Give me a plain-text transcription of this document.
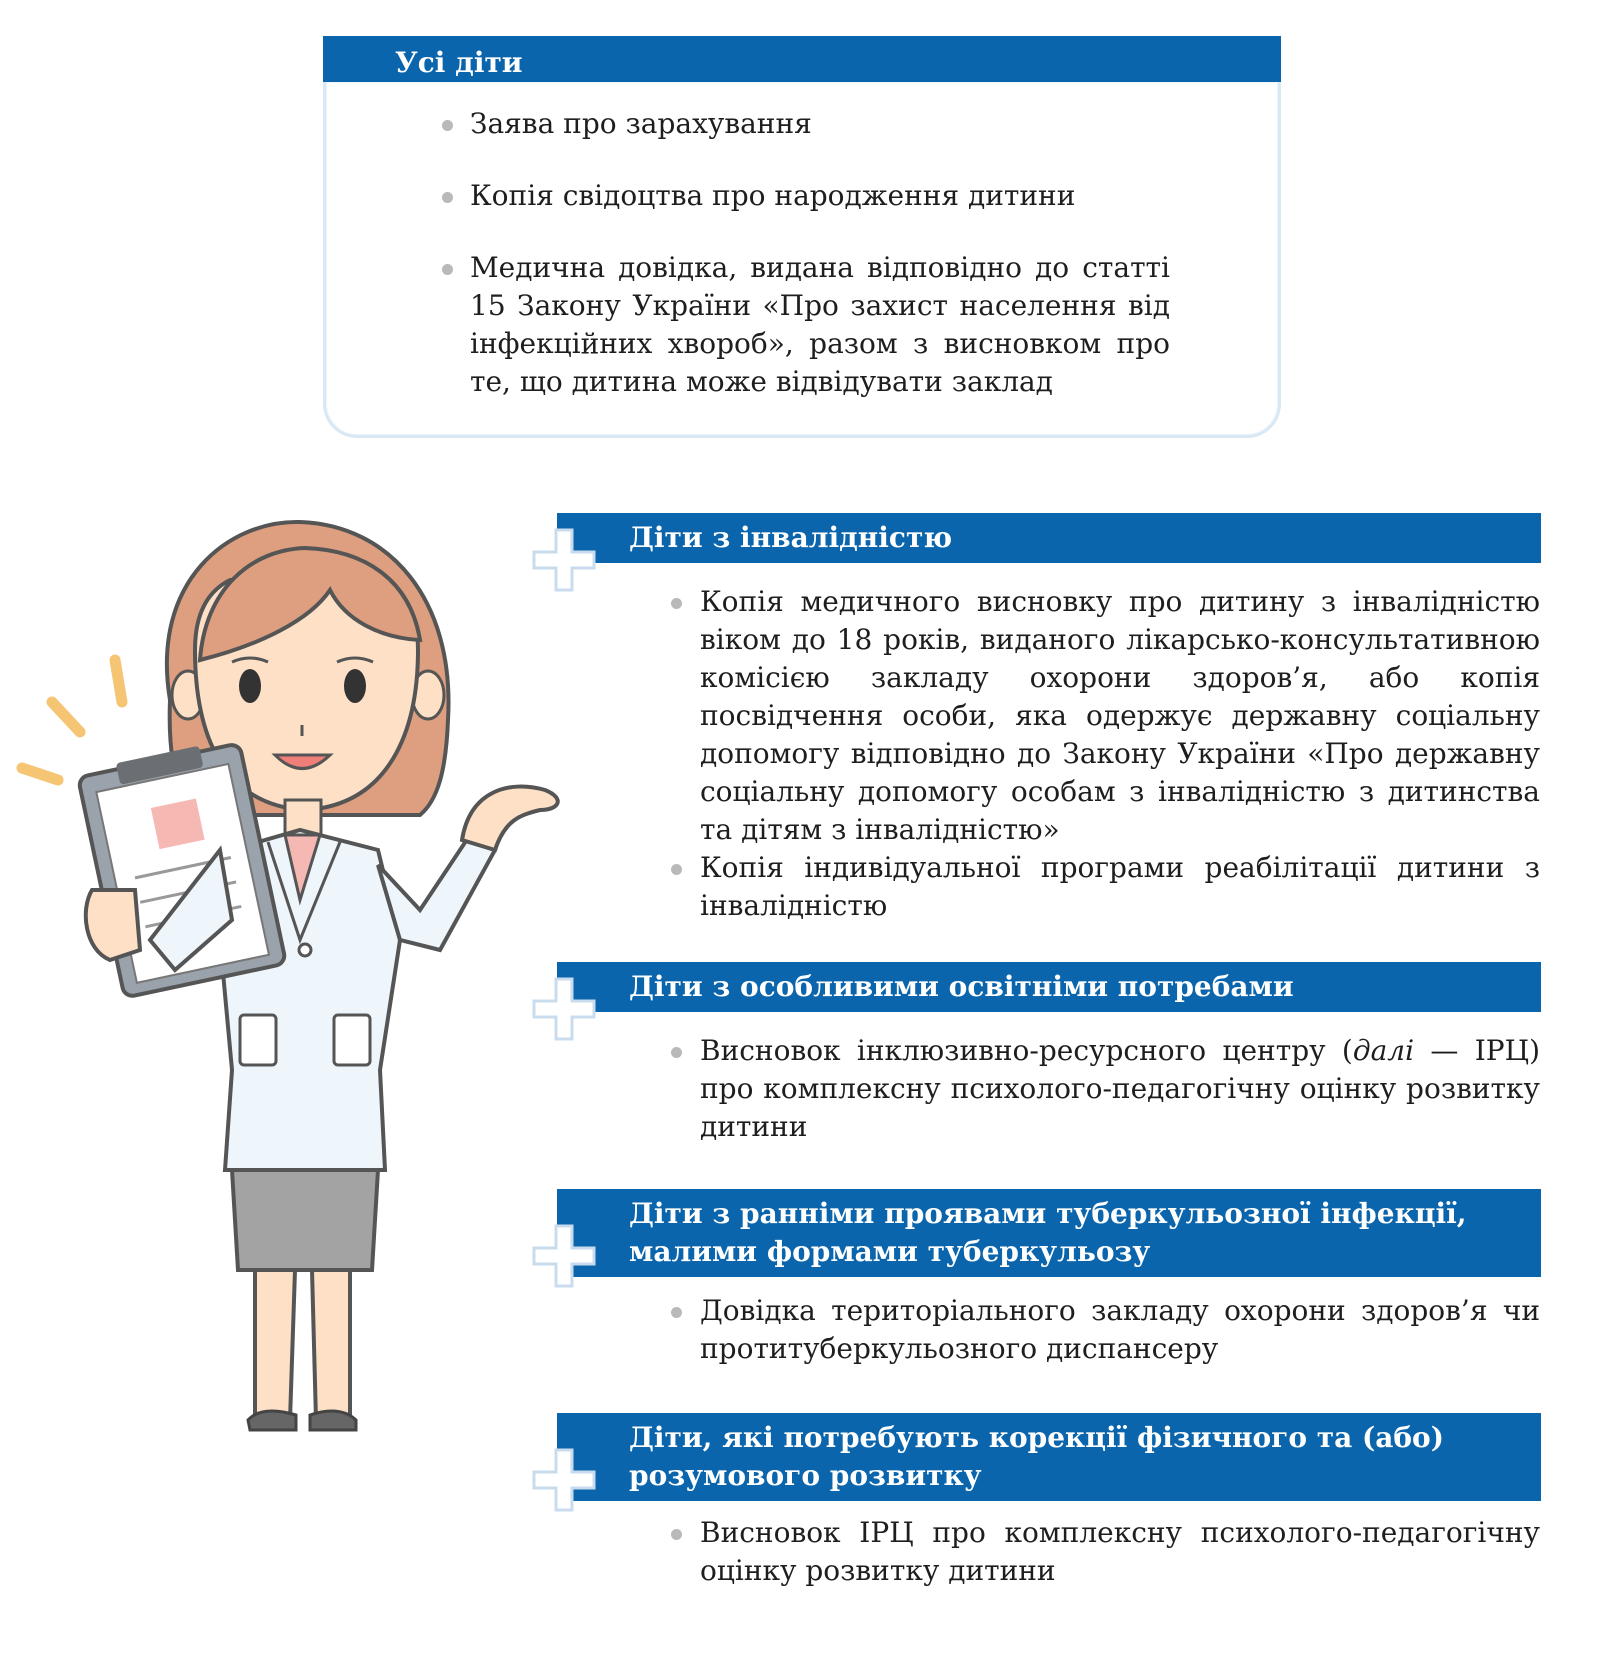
Усі діти
Заява про зарахування
Копія свідоцтва про народження дитини
Медична довідка, видана відповідно до статті 15 Закону України «Про захист населення від інфекційних хвороб», разом з висновком про те, що дитина може відвідувати заклад
Діти з інвалідністю
Копія медичного висновку про дитину з інвалідністю віком до 18 років, виданого лікарсько-консультативною комісією закладу охорони здоров’я, або копія посвідчення особи, яка одержує державну соціальну допомогу відповідно до Закону України «Про державну соціальну допомогу особам з інвалідністю з дитинства та дітям з інвалідністю»
Копія індивідуальної програми реабілітації дитини з інвалідністю
Діти з особливими освітніми потребами
Висновок інклюзивно-ресурсного центру (далі — ІРЦ) про комплексну психолого-педагогічну оцінку розвитку дитини
Діти з ранніми проявами туберкульозної інфекції, малими формами туберкульозу
Довідка територіального закладу охорони здоров’я чи протитуберкульозного диспансеру
Діти, які потребують корекції фізичного та (або) розумового розвитку
Висновок ІРЦ про комплексну психолого-педагогічну оцінку розвитку дитини
